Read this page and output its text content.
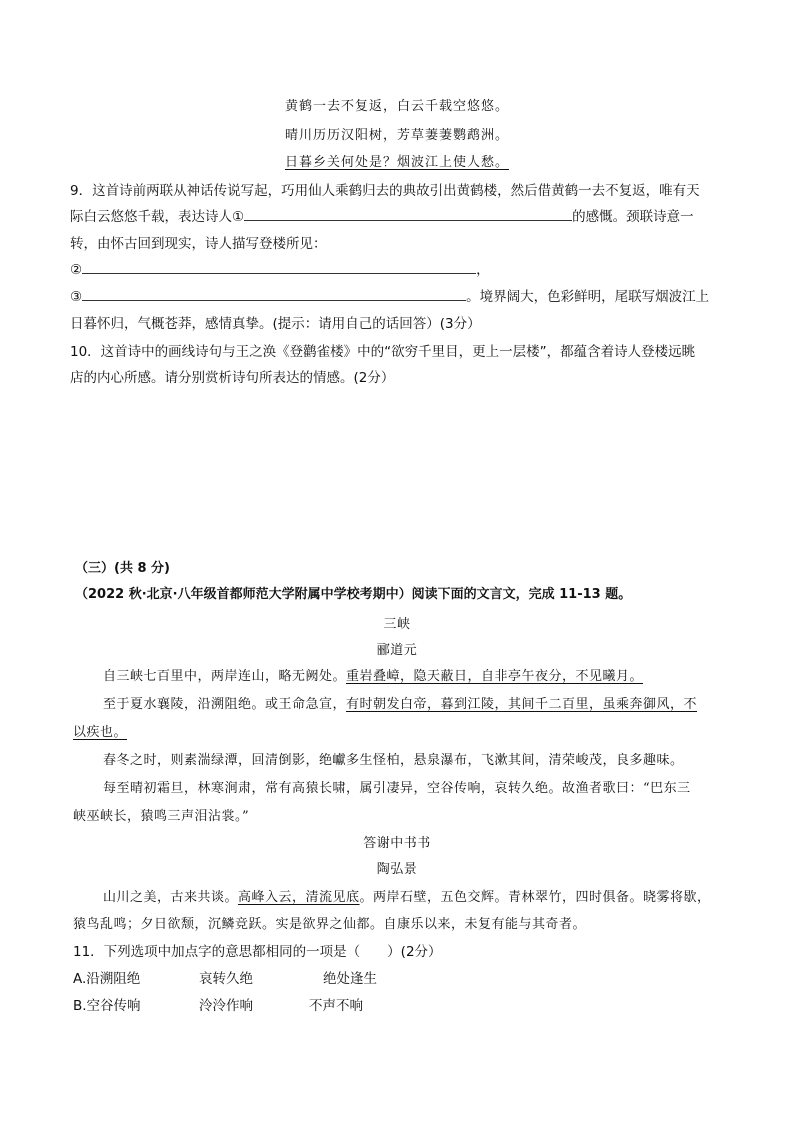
黄鹤一去不复返，白云千载空悠悠。
晴川历历汉阳树，芳草萋萋鹦鹉洲。
日暮乡关何处是？烟波江上使人愁。
9．这首诗前两联从神话传说写起，巧用仙人乘鹤归去的典故引出黄鹤楼，然后借黄鹤一去不复返，唯有天
际白云悠悠千载，表达诗人①	的感慨。颈联诗意一
转，由怀古回到现实，诗人描写登楼所见：
②	，
③	。境界阔大，色彩鲜明，尾联写烟波江上
日暮怀归，气概苍莽，感情真挚。(提示：请用自己的话回答）(3分）
10．这首诗中的画线诗句与王之涣《登鹳雀楼》中的“欲穷千里目，更上一层楼”，都蕴含着诗人登楼远眺
店的内心所感。请分别赏析诗句所表达的情感。(2分）
（三）(共 8 分)
（2022 秋·北京·八年级首都师范大学附属中学校考期中）阅读下面的文言文，完成 11-13 题。
三峡
郦道元
自三峡七百里中，两岸连山，略无阙处。重岩叠嶂，隐天蔽日，自非亭午夜分，不见曦月。
至于夏水襄陵，沿溯阻绝。或王命急宣，有时朝发白帝，暮到江陵，其间千二百里，虽乘奔御风，不
以疾也。
春冬之时，则素湍绿潭，回清倒影，绝巘多生怪柏，悬泉瀑布，飞漱其间，清荣峻茂，良多趣味。
每至晴初霜旦，林寒涧肃，常有高猿长啸，属引凄异，空谷传响，哀转久绝。故渔者歌曰：“巴东三
峡巫峡长，猿鸣三声泪沾裳。”
答谢中书书
陶弘景
山川之美，古来共谈。高峰入云，清流见底。两岸石壁，五色交辉。青林翠竹，四时俱备。晓雾将歇，
猿鸟乱鸣；夕日欲颓，沉鳞竞跃。实是欲界之仙都。自康乐以来，未复有能与其奇者。
11．下列选项中加点字的意思都相同的一项是（　　）(2分）
A.沿溯阻绝	哀转久绝	绝处逢生
B.空谷传响	泠泠作响	不声不响
